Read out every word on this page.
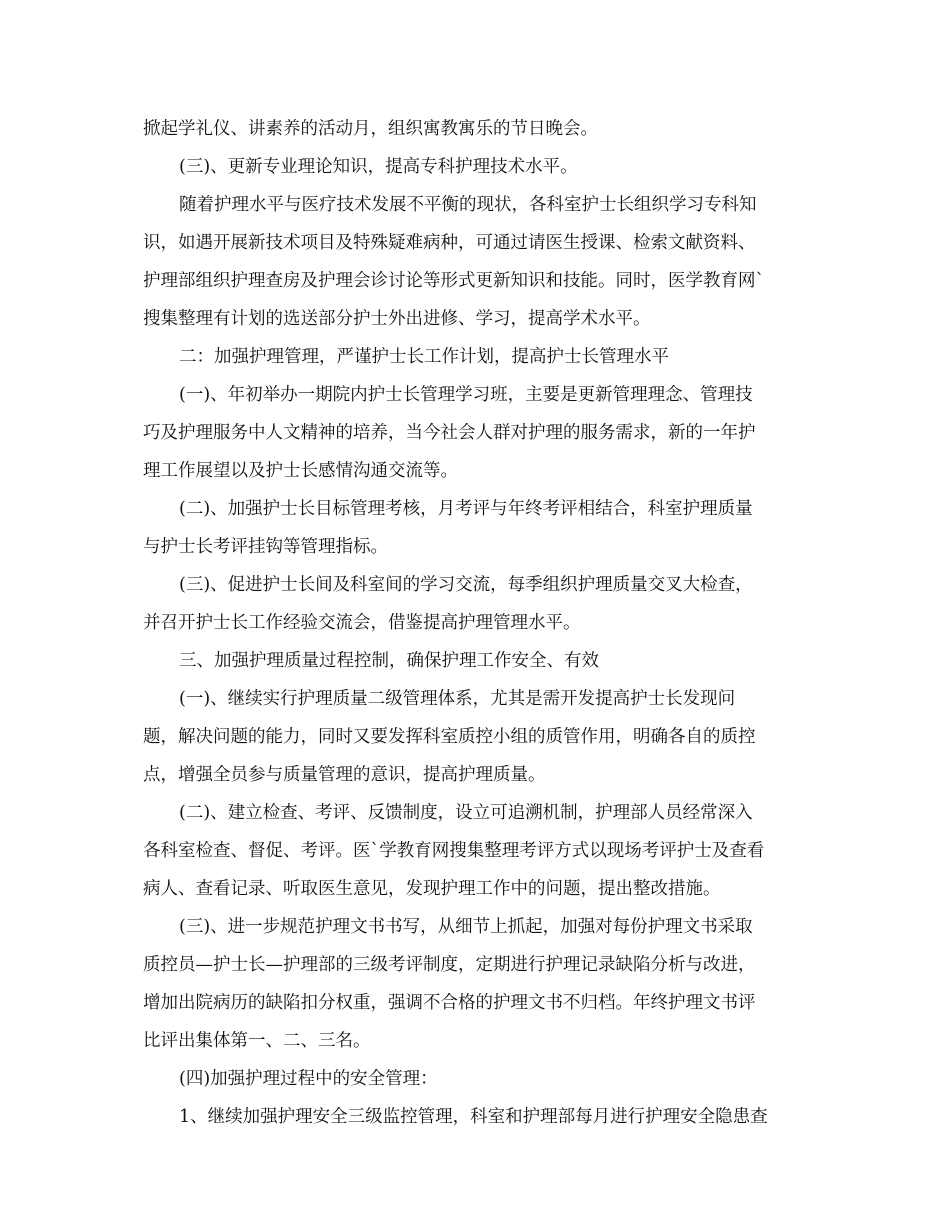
掀起学礼仪、讲素养的活动月，组织寓教寓乐的节日晚会。
(三)、更新专业理论知识，提高专科护理技术水平。
随着护理水平与医疗技术发展不平衡的现状，各科室护士长组织学习专科知
识，如遇开展新技术项目及特殊疑难病种，可通过请医生授课、检索文献资料、
护理部组织护理查房及护理会诊讨论等形式更新知识和技能。同时，医学教育网`
搜集整理有计划的选送部分护士外出进修、学习，提高学术水平。
二：加强护理管理，严谨护士长工作计划，提高护士长管理水平
(一)、年初举办一期院内护士长管理学习班，主要是更新管理理念、管理技
巧及护理服务中人文精神的培养，当今社会人群对护理的服务需求，新的一年护
理工作展望以及护士长感情沟通交流等。
(二)、加强护士长目标管理考核，月考评与年终考评相结合，科室护理质量
与护士长考评挂钩等管理指标。
(三)、促进护士长间及科室间的学习交流，每季组织护理质量交叉大检查，
并召开护士长工作经验交流会，借鉴提高护理管理水平。
三、加强护理质量过程控制，确保护理工作安全、有效
(一)、继续实行护理质量二级管理体系，尤其是需开发提高护士长发现问
题，解决问题的能力，同时又要发挥科室质控小组的质管作用，明确各自的质控
点，增强全员参与质量管理的意识，提高护理质量。
(二)、建立检查、考评、反馈制度，设立可追溯机制，护理部人员经常深入
各科室检查、督促、考评。医`学教育网搜集整理考评方式以现场考评护士及查看
病人、查看记录、听取医生意见，发现护理工作中的问题，提出整改措施。
(三)、进一步规范护理文书书写，从细节上抓起，加强对每份护理文书采取
质控员—护士长—护理部的三级考评制度，定期进行护理记录缺陷分析与改进，
增加出院病历的缺陷扣分权重，强调不合格的护理文书不归档。年终护理文书评
比评出集体第一、二、三名。
(四)加强护理过程中的安全管理：
1、继续加强护理安全三级监控管理，科室和护理部每月进行护理安全隐患查
